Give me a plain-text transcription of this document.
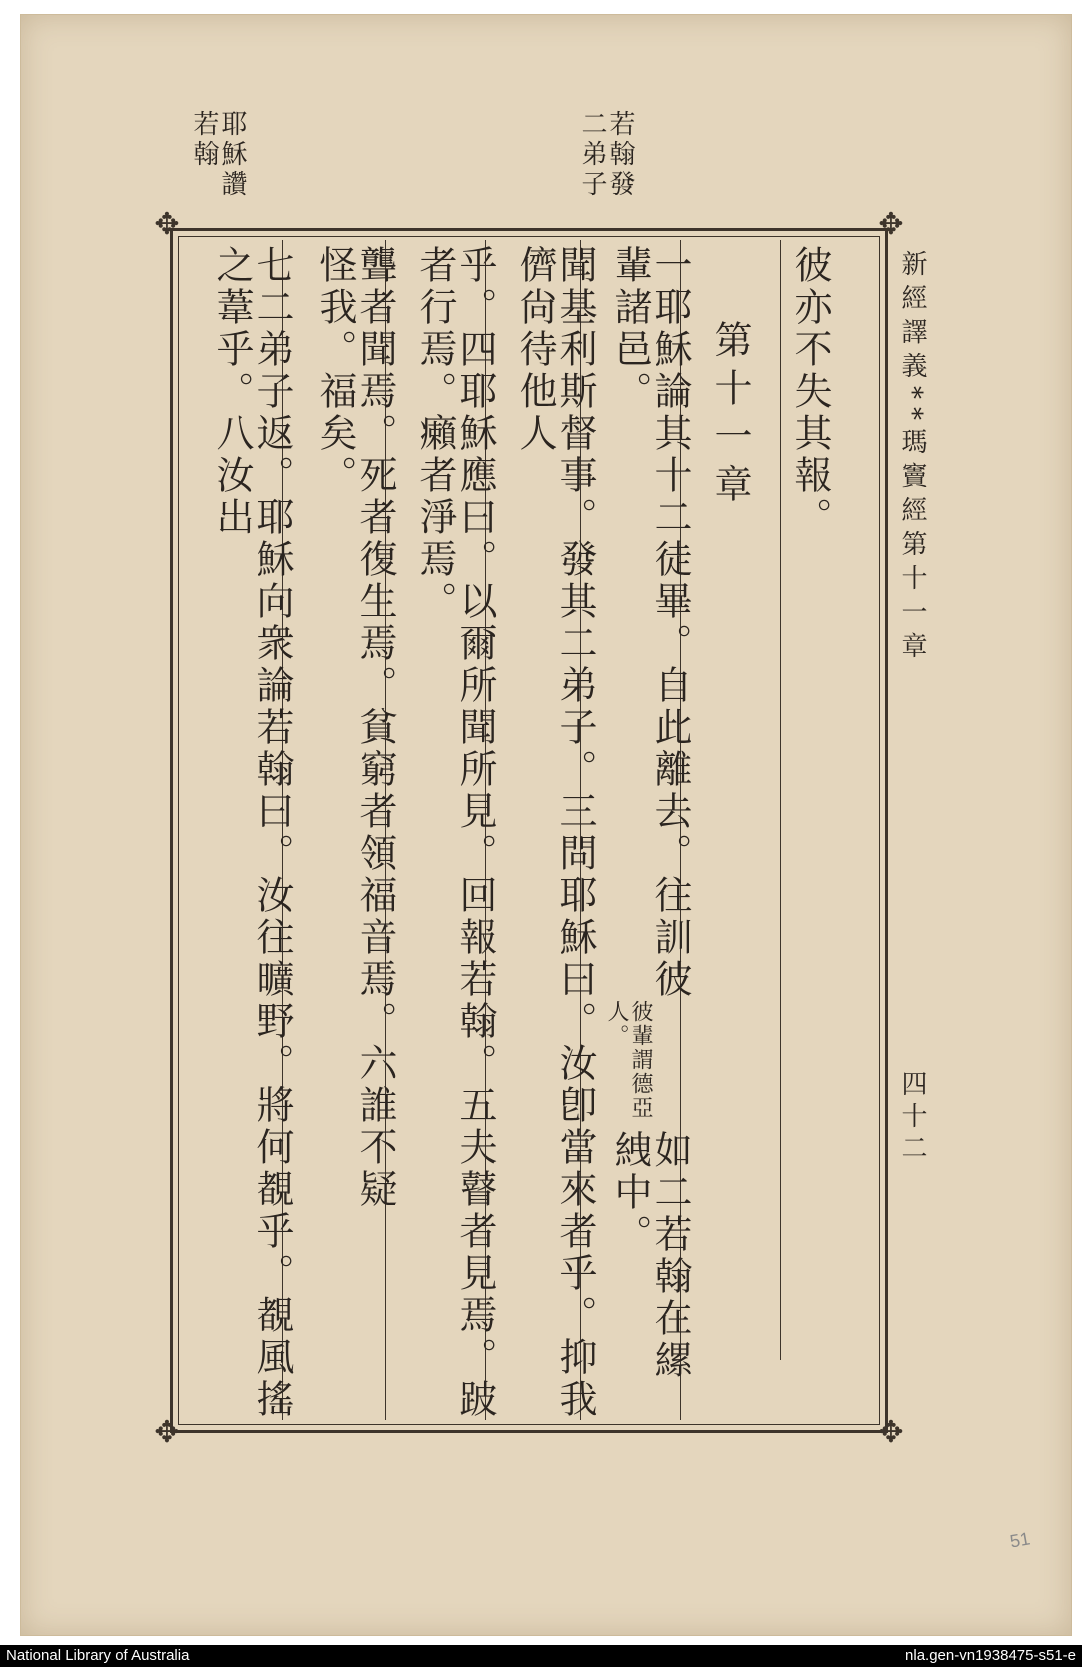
若翰發二弟子
耶穌讚若翰
新經譯義**瑪竇經第十一章
四十二
✥	✥
✥	✥
彼亦不失其報。
第十一章
一耶穌論其十二徒畢。自此離去。往訓彼輩諸邑。
彼輩謂德亞人。
如二若翰在縲絏中。
聞基利斯督事。發其二弟子。三問耶穌曰。汝卽當來者乎。抑我儕尙待他人
乎。四耶穌應曰。以爾所聞所見。回報若翰。五夫瞽者見焉。跛者行焉。癩者淨焉。
聾者聞焉。死者復生焉。貧窮者領福音焉。六誰不疑怪我。福矣。
七二弟子返。耶穌向衆論若翰曰。汝往曠野。將何覩乎。覩風搖之葦乎。八汝出
51
National Library of Australia	nla.gen-vn1938475-s51-e
